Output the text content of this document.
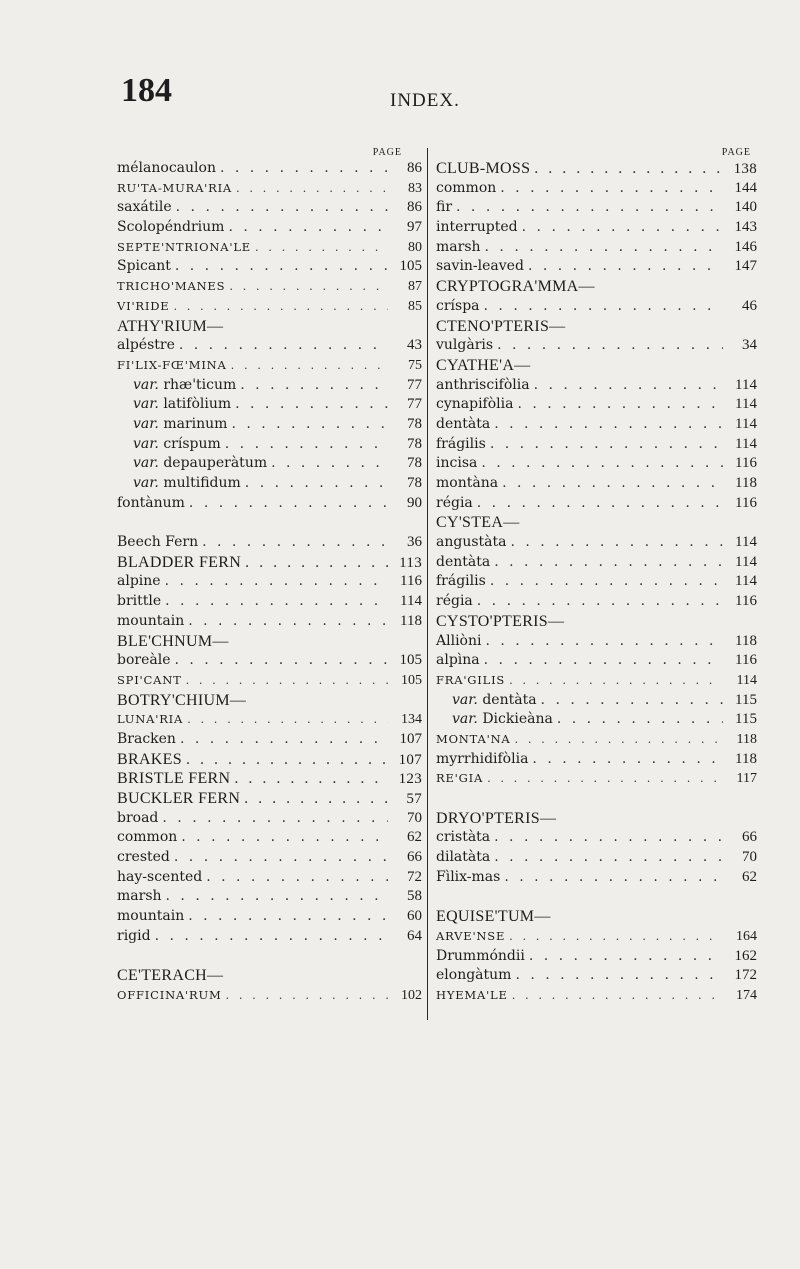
184	INDEX.
PAGE
mélanocaulon . . .	86
RU'TA-MURA'RIA . . .	83
saxátile . . .	86
Scolopéndrium . . .	97
SEPTE'NTRIONA'LE . . .	80
Spicant . . .	105
TRICHO'MANES . . .	87
VI'RIDE . . .	85
ATHY'RIUM—
alpéstre . . .	43
FI'LIX-FŒ'MINA . . .	75
var. rhæ'ticum . . .	77
var. latifòlium . . .	77
var. marinum . . .	78
var. críspum . . .	78
var. depauperàtum . . .	78
var. multifidum . . .	78
fontànum . . .	90
Beech Fern . . .	36
BLADDER FERN . . .	113
alpine . . .	116
brittle . . .	114
mountain . . .	118
BLE'CHNUM—
boreàle . . .	105
SPI'CANT . . .	105
BOTRY'CHIUM—
LUNA'RIA . . .	134
Bracken . . .	107
BRAKES . . .	107
BRISTLE FERN . . .	123
BUCKLER FERN . . .	57
broad . . .	70
common . . .	62
crested . . .	66
hay-scented . . .	72
marsh . . .	58
mountain . . .	60
rigid . . .	64
CE'TERACH—
OFFICINA'RUM . . .	102
PAGE
CLUB-MOSS . . .	138
common . . .	144
fir . . .	140
interrupted . . .	143
marsh . . .	146
savin-leaved . . .	147
CRYPTOGRA'MMA—
críspa . . .	46
CTENO'PTERIS—
vulgàris . . .	34
CYATHE'A—
anthriscifòlia . . .	114
cynapifòlia . . .	114
dentàta . . .	114
frágilis . . .	114
incisa . . .	116
montàna . . .	118
régia . . .	116
CY'STEA—
angustàta . . .	114
dentàta . . .	114
frágilis . . .	114
régia . . .	116
CYSTO'PTERIS—
Alliòni . . .	118
alpìna . . .	116
FRA'GILIS . . .	114
var. dentàta . . .	115
var. Dickieàna . . .	115
MONTA'NA . . .	118
myrrhidifòlia . . .	118
RE'GIA . . .	117
DRYO'PTERIS—
cristàta . . .	66
dilatàta . . .	70
Fìlix-mas . . .	62
EQUISE'TUM—
ARVE'NSE . . .	164
Drummóndii . . .	162
elongàtum . . .	172
HYEMA'LE . . .	174
